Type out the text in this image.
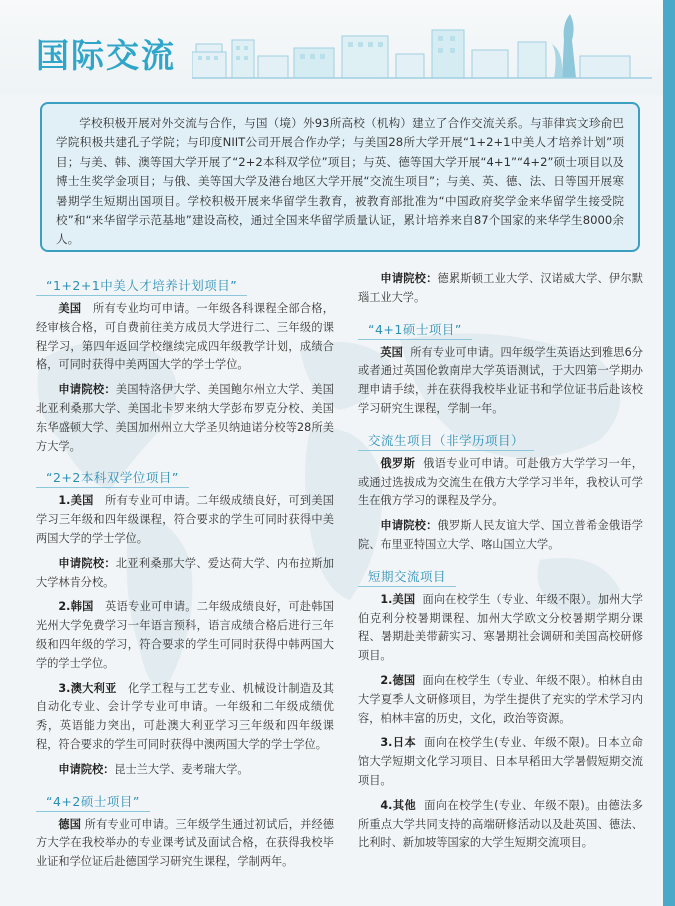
国际交流

学校积极开展对外交流与合作，与国（境）外93所高校（机构）建立了合作交流关系。与菲律宾文珍俞巴学院积极共建孔子学院；与印度NIIT公司开展合作办学；与美国28所大学开展“1+2+1中美人才培养计划”项目；与美、韩、澳等国大学开展了“2+2本科双学位”项目；与英、德等国大学开展“4+1”“4+2”硕士项目以及博士生奖学金项目；与俄、美等国大学及港台地区大学开展“交流生项目”；与美、英、德、法、日等国开展寒暑期学生短期出国项目。学校积极开展来华留学生教育，被教育部批准为“中国政府奖学金来华留学生接受院校”和“来华留学示范基地”建设高校，通过全国来华留学质量认证，累计培养来自87个国家的来华学生8000余人。

“1+2+1中美人才培养计划项目”

美国 所有专业均可申请。一年级各科课程全部合格，经审核合格，可自费前往美方成员大学进行二、三年级的课程学习，第四年返回学校继续完成四年级教学计划，成绩合格，可同时获得中美两国大学的学士学位。

申请院校：美国特洛伊大学、美国鲍尔州立大学、美国北亚利桑那大学、美国北卡罗来纳大学彭布罗克分校、美国东华盛顿大学、美国加州州立大学圣贝纳迪诺分校等28所美方大学。

“2+2本科双学位项目”

1.美国 所有专业可申请。二年级成绩良好，可到美国学习三年级和四年级课程，符合要求的学生可同时获得中美两国大学的学士学位。

申请院校：北亚利桑那大学、爱达荷大学、内布拉斯加大学林肯分校。

2.韩国 英语专业可申请。二年级成绩良好，可赴韩国光州大学免费学习一年语言预科，语言成绩合格后进行三年级和四年级的学习，符合要求的学生可同时获得中韩两国大学的学士学位。

3.澳大利亚 化学工程与工艺专业、机械设计制造及其自动化专业、会计学专业可申请。一年级和二年级成绩优秀，英语能力突出，可赴澳大利亚学习三年级和四年级课程，符合要求的学生可同时获得中澳两国大学的学士学位。

申请院校：昆士兰大学、麦考瑞大学。

“4+2硕士项目”

德国 所有专业可申请。三年级学生通过初试后，并经德方大学在我校举办的专业课考试及面试合格，在获得我校毕业证和学位证后赴德国学习研究生课程，学制两年。

申请院校：德累斯顿工业大学、汉诺威大学、伊尔默瑙工业大学。

“4+1硕士项目”

英国 所有专业可申请。四年级学生英语达到雅思6分或者通过英国伦敦南岸大学英语测试，于大四第一学期办理申请手续，并在获得我校毕业证书和学位证书后赴该校学习研究生课程，学制一年。

交流生项目（非学历项目）

俄罗斯 俄语专业可申请。可赴俄方大学学习一年，或通过选拔成为交流生在俄方大学学习半年，我校认可学生在俄方学习的课程及学分。

申请院校：俄罗斯人民友谊大学、国立普希金俄语学院、布里亚特国立大学、喀山国立大学。

短期交流项目

1.美国 面向在校学生（专业、年级不限）。加州大学伯克利分校暑期课程、加州大学欧文分校暑期学期分课程、暑期赴美带薪实习、寒暑期社会调研和美国高校研修项目。

2.德国 面向在校学生（专业、年级不限）。柏林自由大学夏季人文研修项目，为学生提供了充实的学术学习内容，柏林丰富的历史，文化，政治等资源。

3.日本 面向在校学生(专业、年级不限)。日本立命馆大学短期文化学习项目、日本早稻田大学暑假短期交流项目。

4.其他 面向在校学生(专业、年级不限)。由德法多所重点大学共同支持的高端研修活动以及赴英国、德法、比利时、新加坡等国家的大学生短期交流项目。
